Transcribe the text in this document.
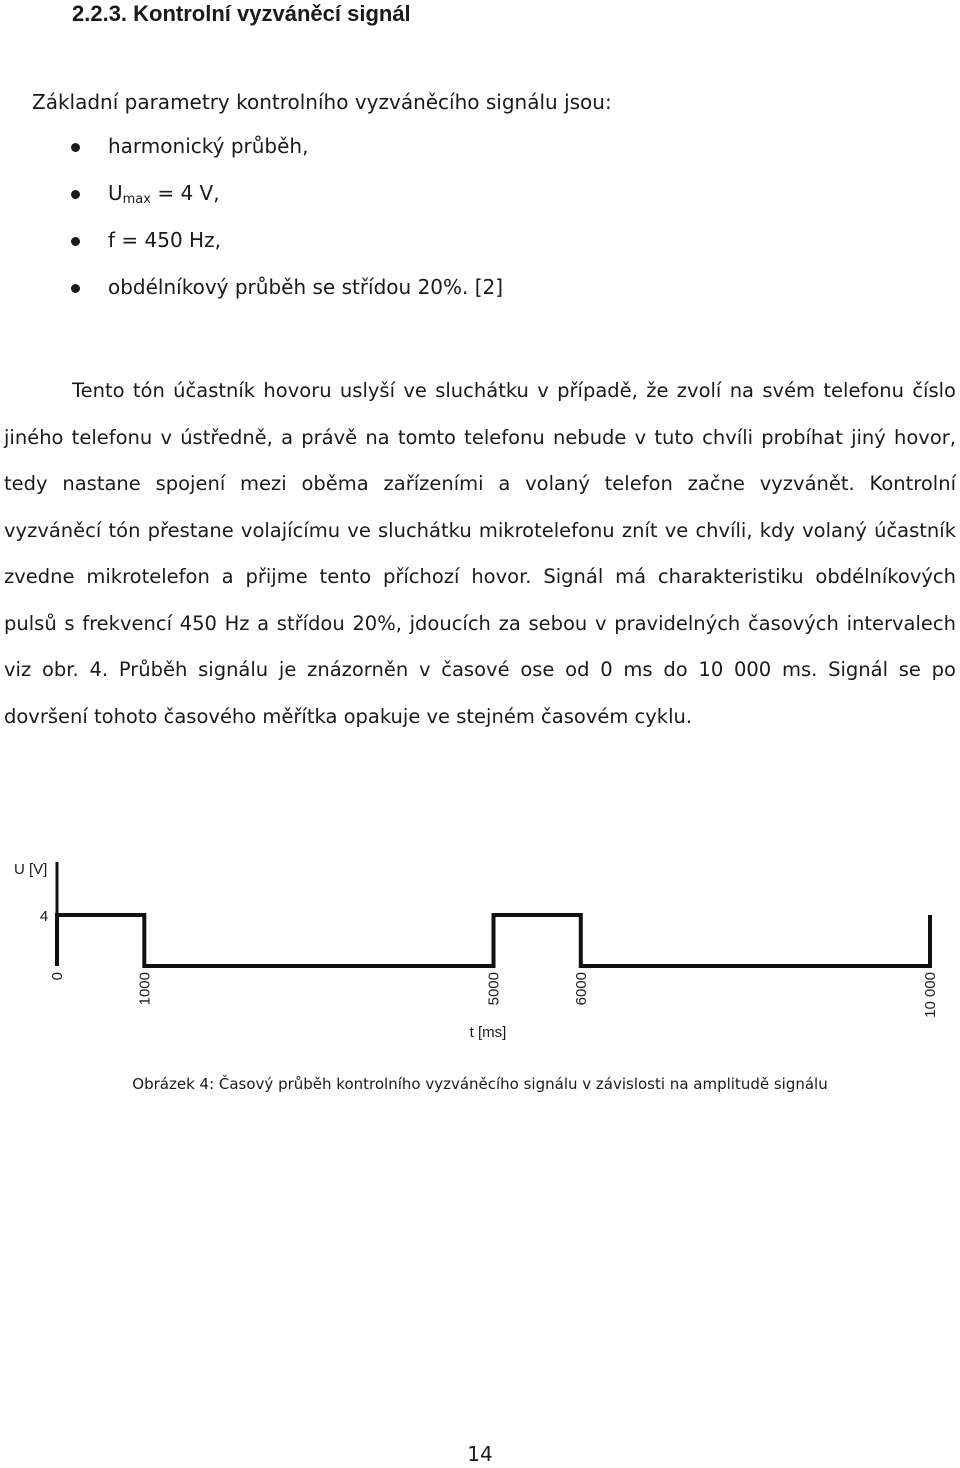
2.2.3. Kontrolní vyzváněcí signál
Základní parametry kontrolního vyzváněcího signálu jsou:
harmonický průběh,
$U_{max} = 4$ V,
f = 450 Hz,
obdélníkový průběh se střídou 20%. [2]

Tento tón účastník hovoru uslyší ve sluchátku v případě, že zvolí na svém telefonu číslo jiného telefonu v ústředně, a právě na tomto telefonu nebude v tuto chvíli probíhat jiný hovor, tedy nastane spojení mezi oběma zařízeními a volaný telefon začne vyzvánět. Kontrolní vyzváněcí tón přestane volajícímu ve sluchátku mikrotelefonu znít ve chvíli, kdy volaný účastník zvedne mikrotelefon a přijme tento příchozí hovor. Signál má charakteristiku obdélníkových pulsů s frekvencí 450 Hz a střídou 20%, jdoucích za sebou v pravidelných časových intervalech viz obr. 4. Průběh signálu je znázorněn v časové ose od 0 ms do 10 000 ms. Signál se po dovršení tohoto časového měřítka opakuje ve stejném časovém cyklu.

U [V]
t [ms]
4
0	1000	5000	6000	10 000
Obrázek 4: Časový průběh kontrolního vyzváněcího signálu v závislosti na amplitudě signálu
14
